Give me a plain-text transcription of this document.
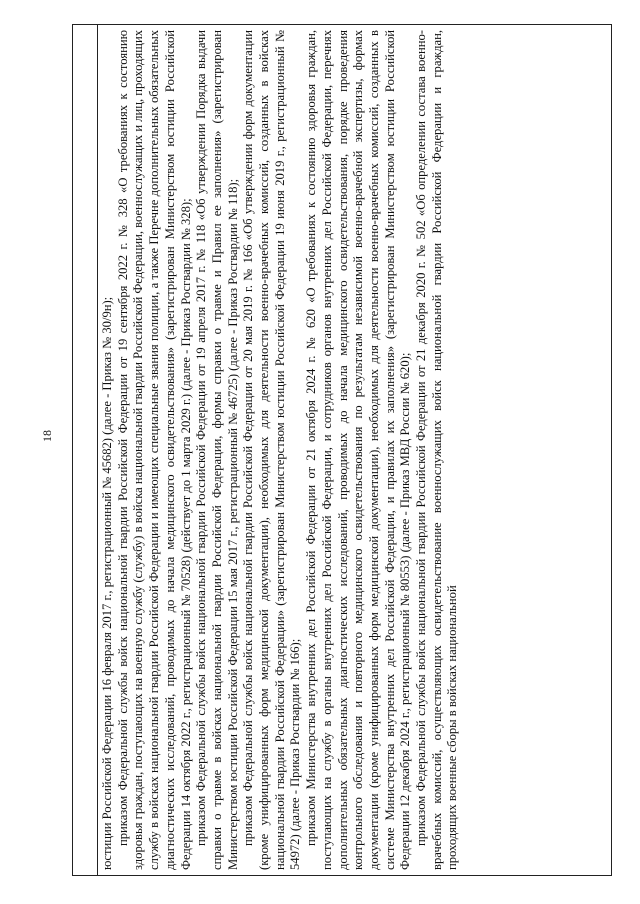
18	юстиции Российской Федерации 16 февраля 2017 г., регистрационный № 45682) (далее - Приказ № 30/9н); приказом Федеральной службы войск национальной гвардии Российской Федерации от 19 сентября 2022 г. № 328 «О требованиях к состоянию здоровья граждан, поступающих на военную службу (службу) в войска национальной гвардии Российской Федерации, военнослужащих и лиц, проходящих службу в войсках национальной гвардии Российской Федерации и имеющих специальные звания полиции, а также Перечне дополнительных обязательных диагностических исследований, проводимых до начала медицинского освидетельствования» (зарегистрирован Министерством юстиции Российской Федерации 14 октября 2022 г., регистрационный № 70528) (действует до 1 марта 2029 г.) (далее - Приказ Росгвардии № 328); приказом Федеральной службы войск национальной гвардии Российской Федерации от 19 апреля 2017 г. № 118 «Об утверждении Порядка выдачи справки о травме в войсках национальной гвардии Российской Федерации, формы справки о травме и Правил ее заполнения» (зарегистрирован Министерством юстиции Российской Федерации 15 мая 2017 г., регистрационный № 46725) (далее - Приказ Росгвардии № 118); приказом Федеральной службы войск национальной гвардии Российской Федерации от 20 мая 2019 г. № 166 «Об утверждении форм документации (кроме унифицированных форм медицинской документации), необходимых для деятельности военно-врачебных комиссий, созданных в войсках национальной гвардии Российской Федерации» (зарегистрирован Министерством юстиции Российской Федерации 19 июня 2019 г., регистрационный № 54972) (далее - Приказ Росгвардии № 166); приказом Министерства внутренних дел Российской Федерации от 21 октября 2024 г. № 620 «О требованиях к состоянию здоровья граждан, поступающих на службу в органы внутренних дел Российской Федерации, и сотрудников органов внутренних дел Российской Федерации, перечнях дополнительных обязательных диагностических исследований, проводимых до начала медицинского освидетельствования, порядке проведения контрольного обследования и повторного медицинского освидетельствования по результатам независимой военно-врачебной экспертизы, формах документации (кроме унифицированных форм медицинской документации), необходимых для деятельности военно-врачебных комиссий, созданных в системе Министерства внутренних дел Российской Федерации, и правилах их заполнения» (зарегистрирован Министерством юстиции Российской Федерации 12 декабря 2024 г., регистрационный № 80553) (далее - Приказ МВД России № 620); приказом Федеральной службы войск национальной гвардии Российской Федерации от 21 декабря 2020 г. № 502 «Об определении состава военно-врачебных комиссий, осуществляющих освидетельствование военнослужащих войск национальной гвардии Российской Федерации и граждан, проходящих военные сборы в войсках национальной
